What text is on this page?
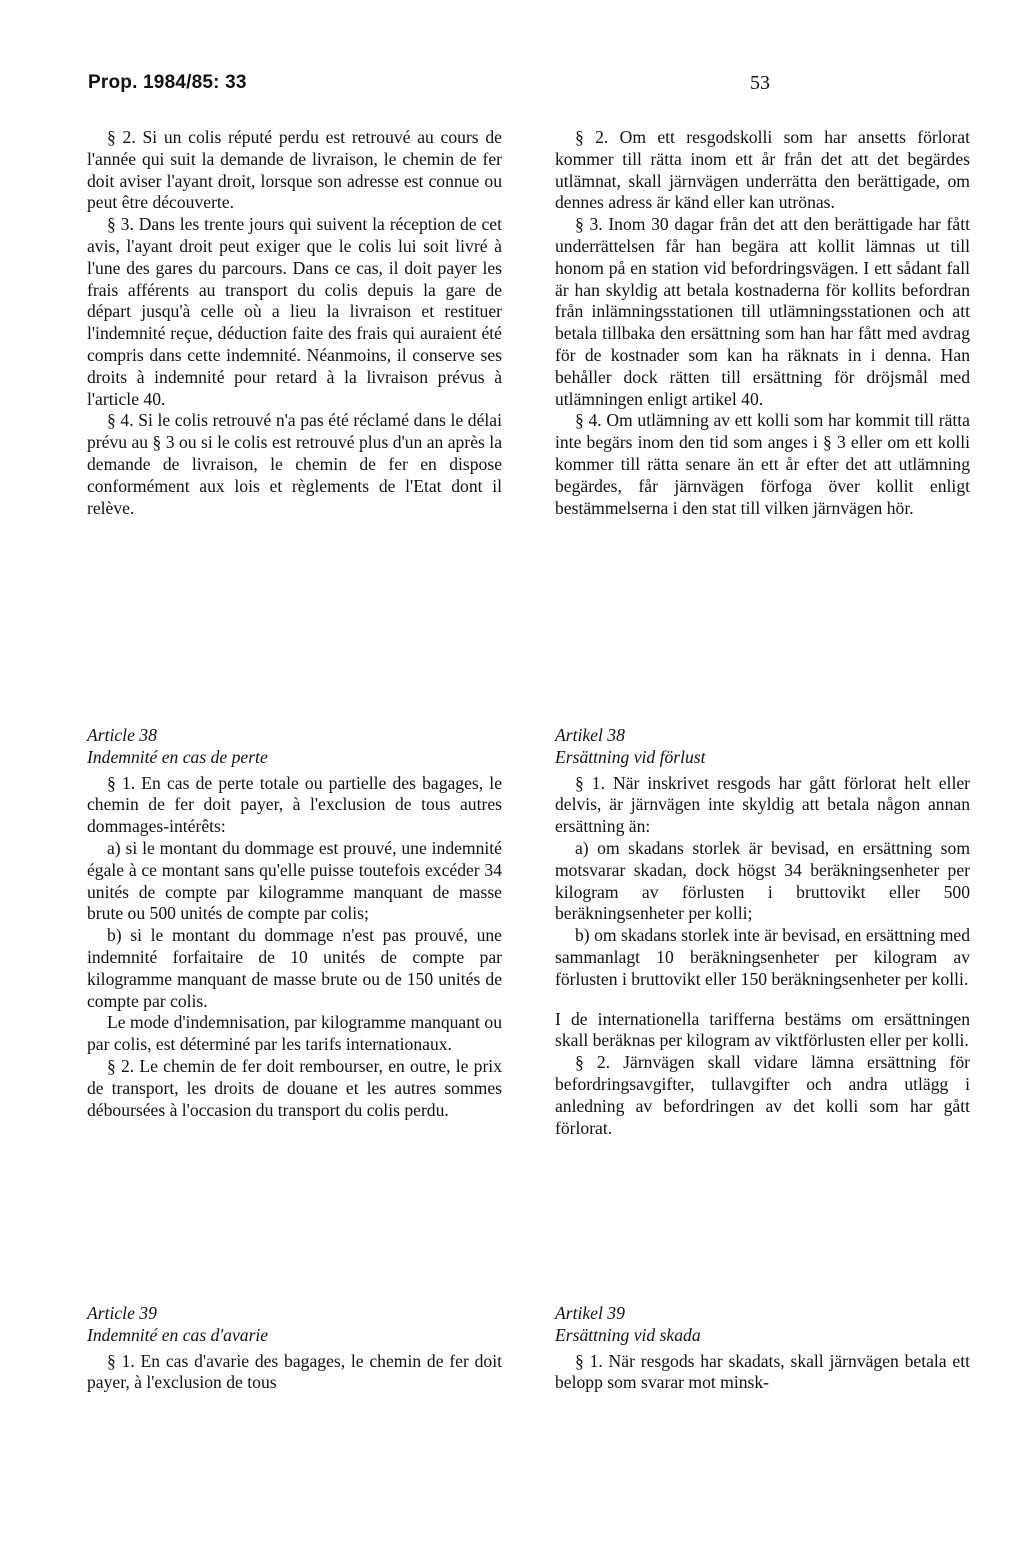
Prop. 1984/85: 33	53

§ 2. Si un colis réputé perdu est retrouvé au cours de l'année qui suit la demande de livraison, le chemin de fer doit aviser l'ayant droit, lorsque son adresse est connue ou peut être découverte.

§ 3. Dans les trente jours qui suivent la réception de cet avis, l'ayant droit peut exiger que le colis lui soit livré à l'une des gares du parcours. Dans ce cas, il doit payer les frais afférents au transport du colis depuis la gare de départ jusqu'à celle où a lieu la livraison et restituer l'indemnité reçue, déduction faite des frais qui auraient été compris dans cette indemnité. Néanmoins, il conserve ses droits à indemnité pour retard à la livraison prévus à l'article 40.

§ 4. Si le colis retrouvé n'a pas été réclamé dans le délai prévu au § 3 ou si le colis est retrouvé plus d'un an après la demande de livraison, le chemin de fer en dispose conformément aux lois et règlements de l'Etat dont il relève.

Article 38
Indemnité en cas de perte

§ 1. En cas de perte totale ou partielle des bagages, le chemin de fer doit payer, à l'exclusion de tous autres dommages-intérêts:

a) si le montant du dommage est prouvé, une indemnité égale à ce montant sans qu'elle puisse toutefois excéder 34 unités de compte par kilogramme manquant de masse brute ou 500 unités de compte par colis;

b) si le montant du dommage n'est pas prouvé, une indemnité forfaitaire de 10 unités de compte par kilogramme manquant de masse brute ou de 150 unités de compte par colis.

Le mode d'indemnisation, par kilogramme manquant ou par colis, est déterminé par les tarifs internationaux.

§ 2. Le chemin de fer doit rembourser, en outre, le prix de transport, les droits de douane et les autres sommes déboursées à l'occasion du transport du colis perdu.

Article 39
Indemnité en cas d'avarie

§ 1. En cas d'avarie des bagages, le chemin de fer doit payer, à l'exclusion de tous

§ 2. Om ett resgodskolli som har ansetts förlorat kommer till rätta inom ett år från det att det begärdes utlämnat, skall järnvägen underrätta den berättigade, om dennes adress är känd eller kan utrönas.

§ 3. Inom 30 dagar från det att den berättigade har fått underrättelsen får han begära att kollit lämnas ut till honom på en station vid befordringsvägen. I ett sådant fall är han skyldig att betala kostnaderna för kollits befordran från inlämningsstationen till utlämningsstationen och att betala tillbaka den ersättning som han har fått med avdrag för de kostnader som kan ha räknats in i denna. Han behåller dock rätten till ersättning för dröjsmål med utlämningen enligt artikel 40.

§ 4. Om utlämning av ett kolli som har kommit till rätta inte begärs inom den tid som anges i § 3 eller om ett kolli kommer till rätta senare än ett år efter det att utlämning begärdes, får järnvägen förfoga över kollit enligt bestämmelserna i den stat till vilken järnvägen hör.

Artikel 38
Ersättning vid förlust

§ 1. När inskrivet resgods har gått förlorat helt eller delvis, är järnvägen inte skyldig att betala någon annan ersättning än:

a) om skadans storlek är bevisad, en ersättning som motsvarar skadan, dock högst 34 beräkningsenheter per kilogram av förlusten i bruttovikt eller 500 beräkningsenheter per kolli;

b) om skadans storlek inte är bevisad, en ersättning med sammanlagt 10 beräkningsenheter per kilogram av förlusten i bruttovikt eller 150 beräkningsenheter per kolli.

I de internationella tarifferna bestäms om ersättningen skall beräknas per kilogram av viktförlusten eller per kolli.

§ 2. Järnvägen skall vidare lämna ersättning för befordringsavgifter, tullavgifter och andra utlägg i anledning av befordringen av det kolli som har gått förlorat.

Artikel 39
Ersättning vid skada

§ 1. När resgods har skadats, skall järnvägen betala ett belopp som svarar mot minsk-
